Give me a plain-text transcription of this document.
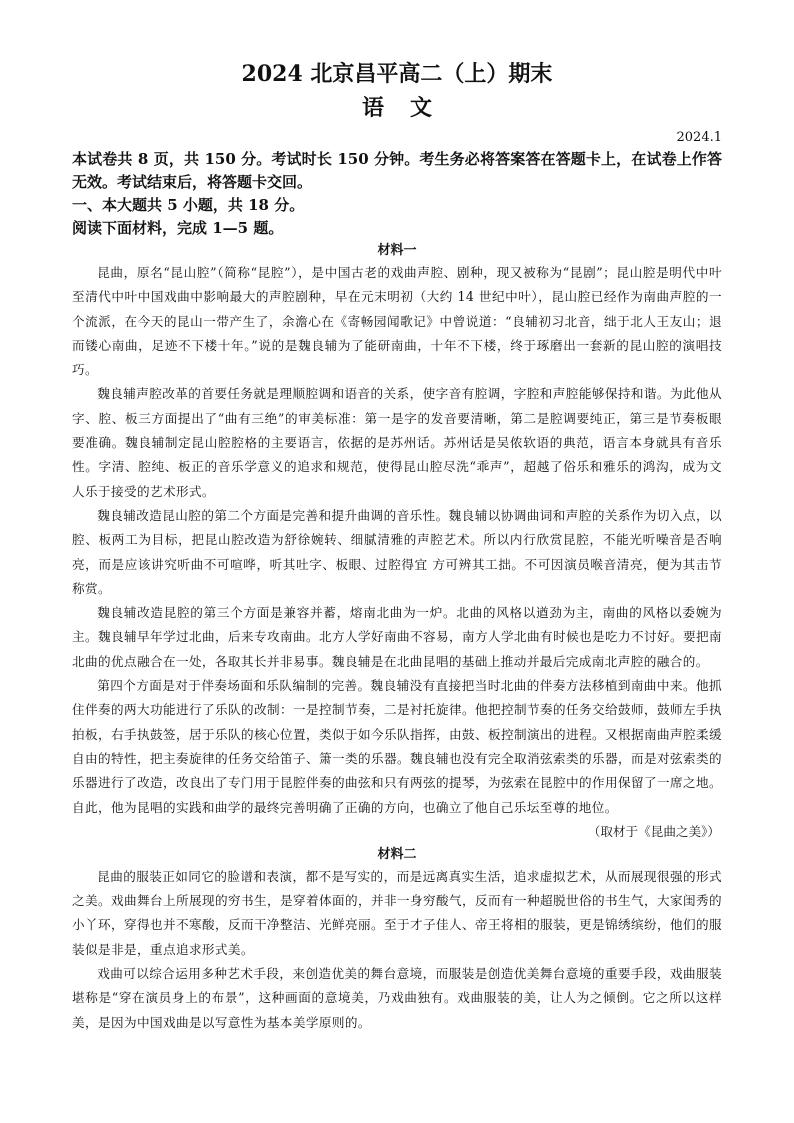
2024 北京昌平高二（上）期末
语文
2024.1

本试卷共 8 页，共 150 分。考试时长 150 分钟。考生务必将答案答在答题卡上，在试卷上作答无效。考试结束后，将答题卡交回。

一、本大题共 5 小题，共 18 分。

阅读下面材料，完成 1—5 题。

材料一

昆曲，原名“昆山腔”（简称“昆腔”），是中国古老的戏曲声腔、剧种，现又被称为“昆剧”；昆山腔是明代中叶至清代中叶中国戏曲中影响最大的声腔剧种，早在元末明初（大约 14 世纪中叶），昆山腔已经作为南曲声腔的一个流派，在今天的昆山一带产生了，余澹心在《寄畅园闻歌记》中曾说道：“良辅初习北音，绌于北人王友山；退而镂心南曲，足迹不下楼十年。”说的是魏良辅为了能研南曲，十年不下楼，终于琢磨出一套新的昆山腔的演唱技巧。

魏良辅声腔改革的首要任务就是理顺腔调和语音的关系，使字音有腔调，字腔和声腔能够保持和谐。为此他从字、腔、板三方面提出了“曲有三绝”的审美标准：第一是字的发音要清晰，第二是腔调要纯正，第三是节奏板眼要准确。魏良辅制定昆山腔腔格的主要语言，依据的是苏州话。苏州话是吴侬软语的典范，语言本身就具有音乐性。字清、腔纯、板正的音乐学意义的追求和规范，使得昆山腔尽洗“乖声”，超越了俗乐和雅乐的鸿沟，成为文人乐于接受的艺术形式。

魏良辅改造昆山腔的第二个方面是完善和提升曲调的音乐性。魏良辅以协调曲词和声腔的关系作为切入点，以腔、板两工为目标，把昆山腔改造为舒徐婉转、细腻清雅的声腔艺术。所以内行欣赏昆腔，不能光听噪音是否响亮，而是应该讲究听曲不可喧哗，听其吐字、板眼、过腔得宜 方可辨其工拙。不可因演员喉音清亮，便为其击节称赏。

魏良辅改造昆腔的第三个方面是兼容并蓄，熔南北曲为一炉。北曲的风格以遒劲为主，南曲的风格以委婉为主。魏良辅早年学过北曲，后来专攻南曲。北方人学好南曲不容易，南方人学北曲有时候也是吃力不讨好。要把南北曲的优点融合在一处，各取其长并非易事。魏良辅是在北曲昆唱的基础上推动并最后完成南北声腔的融合的。

第四个方面是对于伴奏场面和乐队编制的完善。魏良辅没有直接把当时北曲的伴奏方法移植到南曲中来。他抓住伴奏的两大功能进行了乐队的改制：一是控制节奏，二是衬托旋律。他把控制节奏的任务交给鼓师，鼓师左手执拍板，右手执鼓签，居于乐队的核心位置，类似于如今乐队指挥，由鼓、板控制演出的进程。又根据南曲声腔柔缓自由的特性，把主奏旋律的任务交给笛子、箫一类的乐器。魏良辅也没有完全取消弦索类的乐器，而是对弦索类的乐器进行了改造，改良出了专门用于昆腔伴奏的曲弦和只有两弦的提琴，为弦索在昆腔中的作用保留了一席之地。自此，他为昆唱的实践和曲学的最终完善明确了正确的方向，也确立了他自己乐坛至尊的地位。

（取材于《昆曲之美》）
材料二

昆曲的服装正如同它的脸谱和表演，都不是写实的，而是远离真实生活，追求虚拟艺术，从而展现很强的形式之美。戏曲舞台上所展现的穷书生，是穿着体面的，并非一身穷酸气，反而有一种超脱世俗的书生气，大家闺秀的小丫环，穿得也并不寒酸，反而干净整洁、光鲜亮丽。至于才子佳人、帝王将相的服装，更是锦绣缤纷，他们的服装似是非是，重点追求形式美。

戏曲可以综合运用多种艺术手段，来创造优美的舞台意境，而服装是创造优美舞台意境的重要手段，戏曲服装堪称是“穿在演员身上的布景”，这种画面的意境美，乃戏曲独有。戏曲服装的美，让人为之倾倒。它之所以这样美，是因为中国戏曲是以写意性为基本美学原则的。
